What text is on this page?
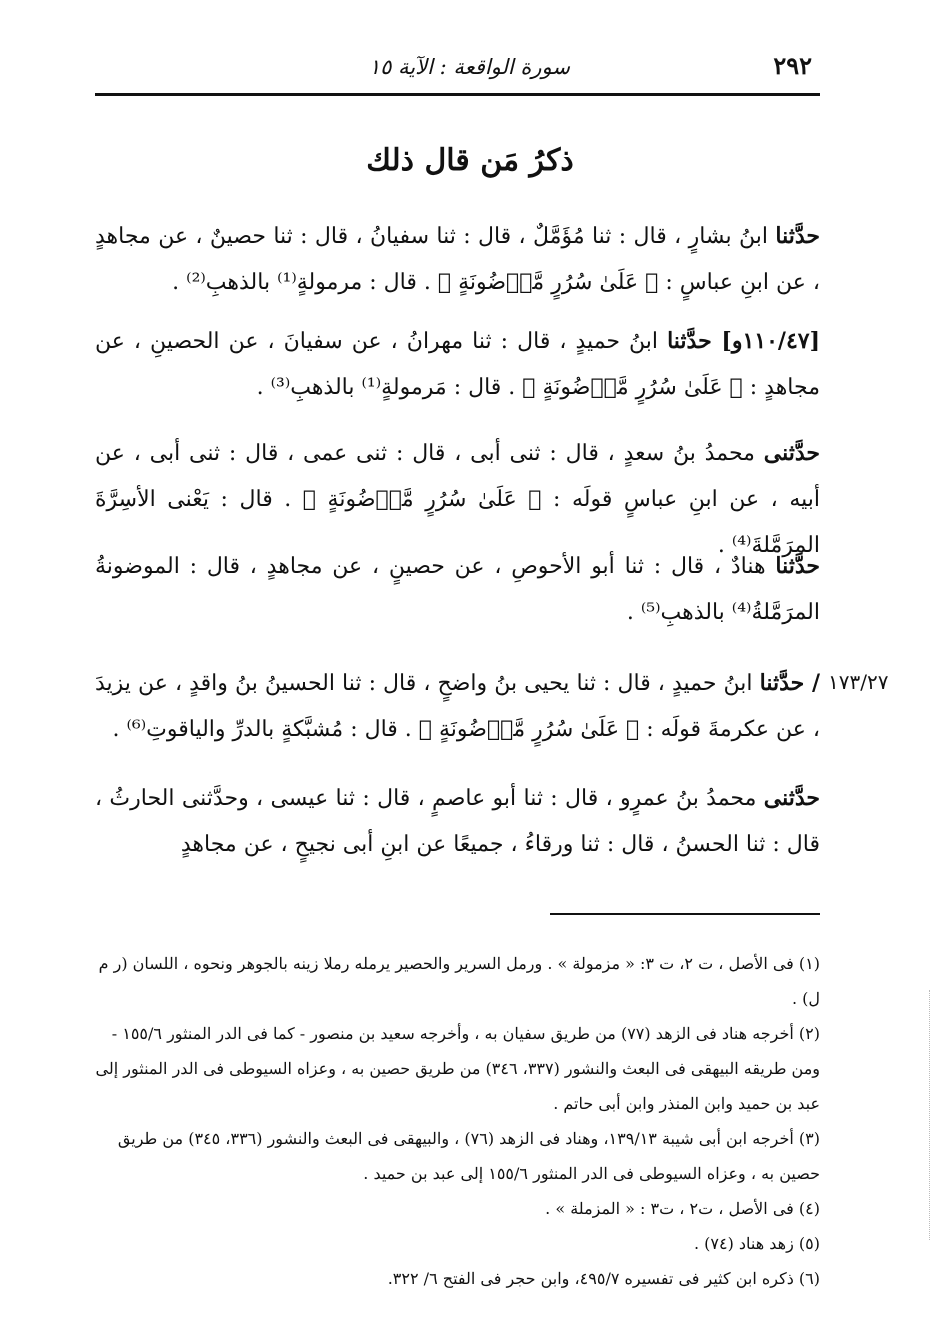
٢٩٢
سورة الواقعة : الآية ١٥
ذكرُ مَن قال ذلك
حدَّثنا ابنُ بشارٍ ، قال : ثنا مُؤَمَّلٌ ، قال : ثنا سفيانُ ، قال : ثنا حصينٌ ، عن مجاهدٍ ، عن ابنِ عباسٍ : ﴿ عَلَىٰ سُرُرٍ مَّوۡضُونَةٍ ﴾ . قال : مرمولةٍ⁽¹⁾ بالذهبِ⁽²⁾ .
[١١٠/٤٧و] حدَّثنا ابنُ حميدٍ ، قال : ثنا مهرانُ ، عن سفيانَ ، عن الحصينِ ، عن مجاهدٍ : ﴿ عَلَىٰ سُرُرٍ مَّوۡضُونَةٍ ﴾ . قال : مَرمولةٍ⁽¹⁾ بالذهبِ⁽³⁾ .
حدَّثنى محمدُ بنُ سعدٍ ، قال : ثنى أبى ، قال : ثنى عمى ، قال : ثنى أبى ، عن أبيه ، عن ابنِ عباسٍ قولَه : ﴿ عَلَىٰ سُرُرٍ مَّوۡضُونَةٍ ﴾ . قال : يَعْنى الأسِرَّةَ المرَمَّلةَ⁽⁴⁾ .
حدَّثنا هنادٌ ، قال : ثنا أبو الأحوصِ ، عن حصينٍ ، عن مجاهدٍ ، قال : الموضونةُ المرَمَّلةُ⁽⁴⁾ بالذهبِ⁽⁵⁾ .
١٧٣/٢٧
/ حدَّثنا ابنُ حميدٍ ، قال : ثنا يحيى بنُ واضحٍ ، قال : ثنا الحسينُ بنُ واقدٍ ، عن يزيدَ ، عن عكرمةَ قولَه : ﴿ عَلَىٰ سُرُرٍ مَّوۡضُونَةٍ ﴾ . قال : مُشبَّكةٍ بالدرِّ والياقوتِ⁽⁶⁾ .
حدَّثنى محمدُ بنُ عمرٍو ، قال : ثنا أبو عاصمٍ ، قال : ثنا عيسى ، وحدَّثنى الحارثُ ، قال : ثنا الحسنُ ، قال : ثنا ورقاءُ ، جميعًا عن ابنِ أبى نجيحٍ ، عن مجاهدٍ

(١) فى الأصل ، ت ٢، ت ٣: « مزمولة » . ورمل السرير والحصير يرمله رملا زينه بالجوهر ونحوه ، اللسان (ر م ل) .

(٢) أخرجه هناد فى الزهد (٧٧) من طريق سفيان به ، وأخرجه سعيد بن منصور - كما فى الدر المنثور ١٥٥/٦ - ومن طريقه البيهقى فى البعث والنشور (٣٣٧، ٣٤٦) من طريق حصين به ، وعزاه السيوطى فى الدر المنثور إلى عبد بن حميد وابن المنذر وابن أبى حاتم .

(٣) أخرجه ابن أبى شيبة ١٣٩/١٣، وهناد فى الزهد (٧٦) ، والبيهقى فى البعث والنشور (٣٣٦، ٣٤٥) من طريق حصين به ، وعزاه السيوطى فى الدر المنثور ١٥٥/٦ إلى عبد بن حميد .

(٤) فى الأصل ، ت٢ ، ت٣ : « المزملة » .

(٥) زهد هناد (٧٤) .

(٦) ذكره ابن كثير فى تفسيره ٤٩٥/٧، وابن حجر فى الفتح ٦/ ٣٢٢.
